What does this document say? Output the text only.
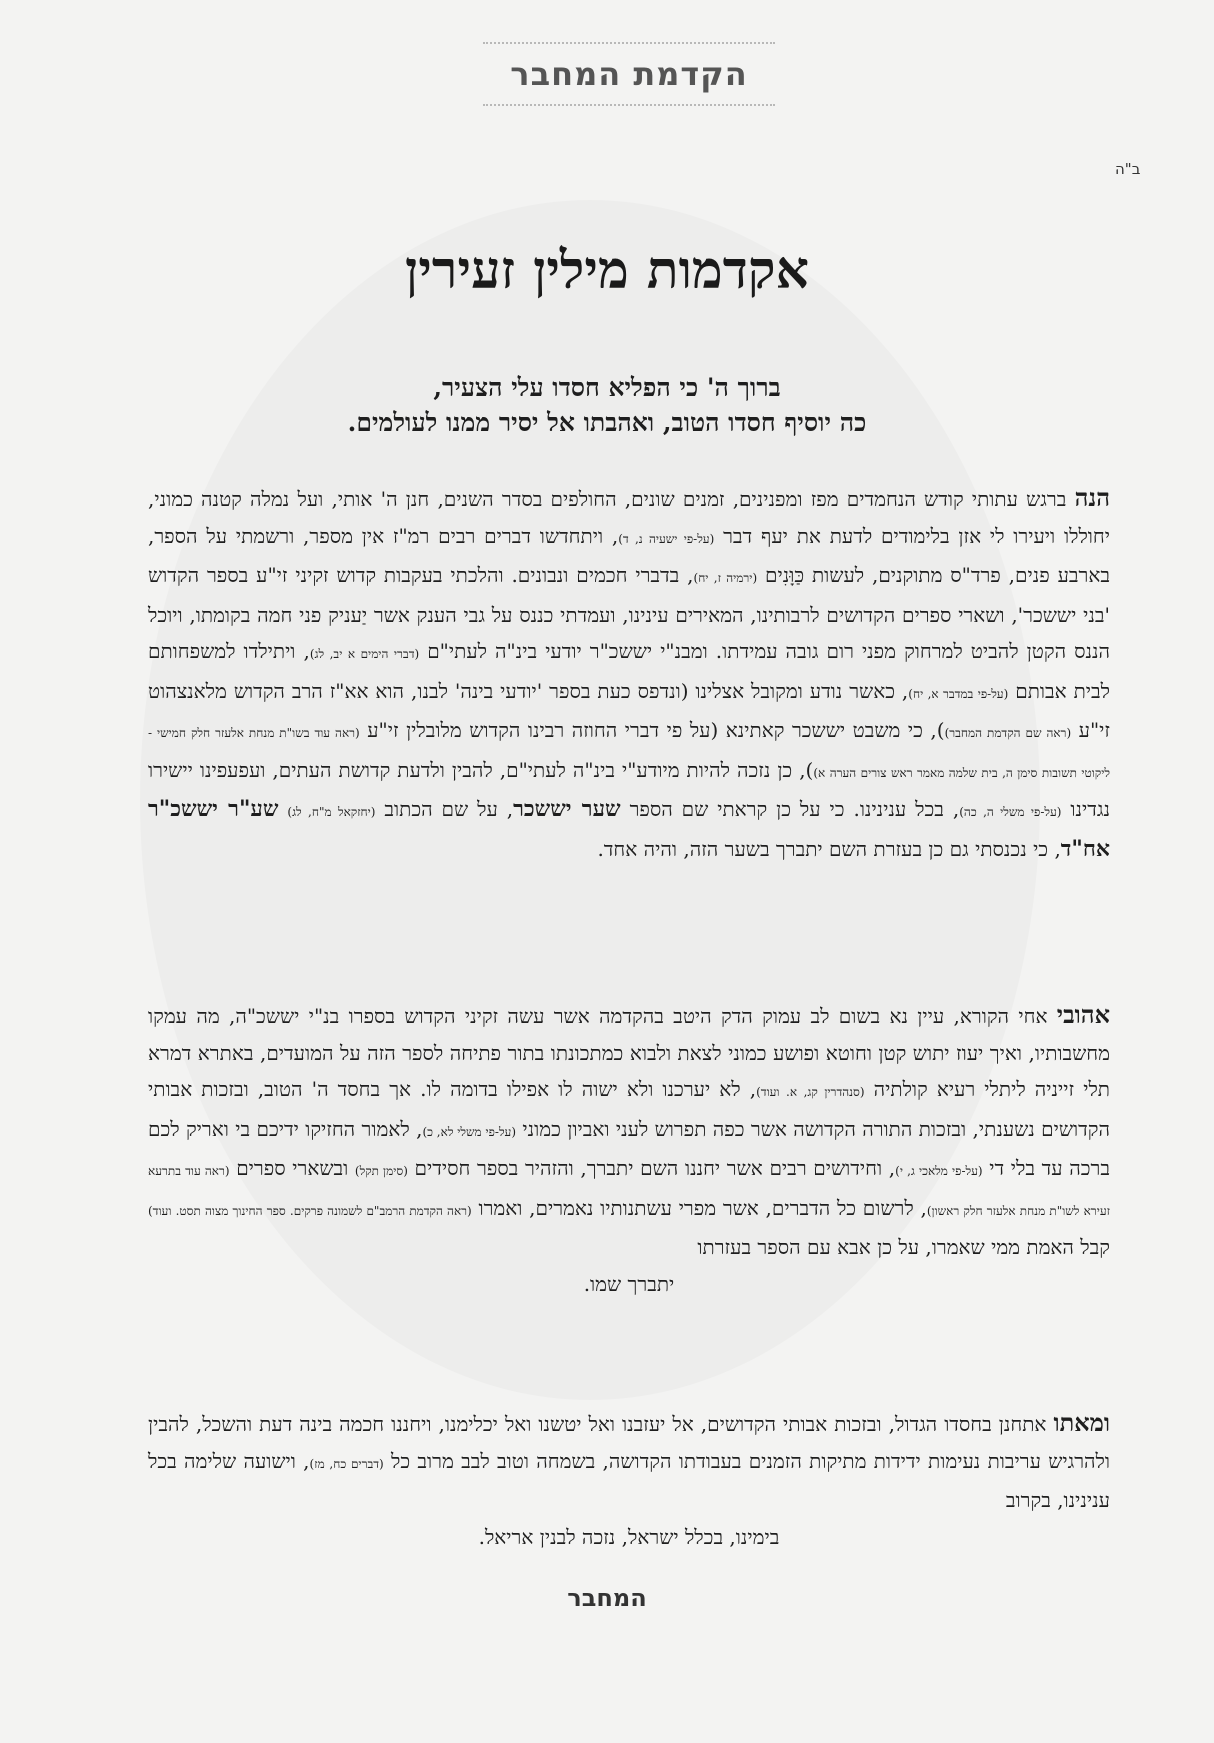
הקדמת המחבר
ב"ה
אקדמות מילין זעירין
ברוך ה' כי הפליא חסדו עלי הצעיר,
כה יוסיף חסדו הטוב, ואהבתו אל יסיר ממנו לעולמים.
הנה ברגש עתותי קודש הנחמדים מפז ומפנינים, זמנים שונים, החולפים בסדר השנים, חנן ה' אותי, ועל נמלה קטנה כמוני, יחוללו ויעירו לי אזן בלימודים לדעת את יעף דבר (על-פי ישעיה נ, ד), ויתחדשו דברים רבים רמ"ז אין מספר, ורשמתי על הספר, בארבע פנים, פרד"ס מתוקנים, לעשות כַּוָּנִים (ירמיה ז, יח), בדברי חכמים ונבונים. והלכתי בעקבות קדוש זקיני זי"ע בספר הקדוש 'בני יששכר', ושארי ספרים הקדושים לרבותינו, המאירים עינינו, ועמדתי כננס על גבי הענק אשר יַעניק פני חמה בקומתו, ויוכל הננס הקטן להביט למרחוק מפני רום גובה עמידתו. ומבנ"י יששכ"ר יודעי בינ"ה לעתי"ם (דברי הימים א יב, לג), ויתילדו למשפחותם לבית אבותם (על-פי במדבר א, יח), כאשר נודע ומקובל אצלינו (ונדפס כעת בספר 'יודעי בינה' לבנו, הוא אא"ז הרב הקדוש מלאנצהוט זי"ע (ראה שם הקדמת המחבר)), כי משבט יששכר קאתינא (על פי דברי החוזה רבינו הקדוש מלובלין זי"ע (ראה עוד בשו"ת מנחת אלעזר חלק חמישי - ליקוטי תשובות סימן ה, בית שלמה מאמר ראש צורים הערה א)), כן נזכה להיות מיודע"י בינ"ה לעתי"ם, להבין ולדעת קדושת העתים, ועפעפינו יישירו נגדינו (על-פי משלי ה, כה), בכל ענינינו. כי על כן קראתי שם הספר שער יששכר, על שם הכתוב (יחזקאל מ"ח, לג) שע"ר יששכ"ר אח"ד, כי נכנסתי גם כן בעזרת השם יתברך בשער הזה, והיה אחד.
אהובי אחי הקורא, עיין נא בשום לב עמוק הדק היטב בהקדמה אשר עשה זקיני הקדוש בספרו בנ"י יששכ"ה, מה עמקו מחשבותיו, ואיך יעוז יתוש קטן וחוטא ופושע כמוני לצאת ולבוא כמתכונתו בתור פתיחה לספר הזה על המועדים, באתרא דמרא תלי זייניה ליתלי רעיא קולתיה (סנהדרין קג, א. ועוד), לא יערכנו ולא ישוה לו אפילו בדומה לו. אך בחסד ה' הטוב, ובזכות אבותי הקדושים נשענתי, ובזכות התורה הקדושה אשר כפה תפרוש לעני ואביון כמוני (על-פי משלי לא, כ), לאמור החזיקו ידיכם בי ואריק לכם ברכה עד בלי די (על-פי מלאכי ג, י), וחידושים רבים אשר יחננו השם יתברך, והזהיר בספר חסידים (סימן תקל) ובשארי ספרים (ראה עוד בתרעא זעירא לשו"ת מנחת אלעזר חלק ראשון), לרשום כל הדברים, אשר מפרי עשתנותיו נאמרים, ואמרו (ראה הקדמת הרמב"ם לשמונה פרקים. ספר החינוך מצוה תסט. ועוד) קבל האמת ממי שאמרו, על כן אבא עם הספר בעזרתו
יתברך שמו.
ומאתו אתחנן בחסדו הגדול, ובזכות אבותי הקדושים, אל יעזבנו ואל יטשנו ואל יכלימנו, ויחננו חכמה בינה דעת והשכל, להבין ולהרגיש עריבות נעימות ידידות מתיקות הזמנים בעבודתו הקדושה, בשמחה וטוב לבב מרוב כל (דברים כח, מז), וישועה שלימה בכל ענינינו, בקרוב
בימינו, בכלל ישראל, נזכה לבנין אריאל.
המחבר
